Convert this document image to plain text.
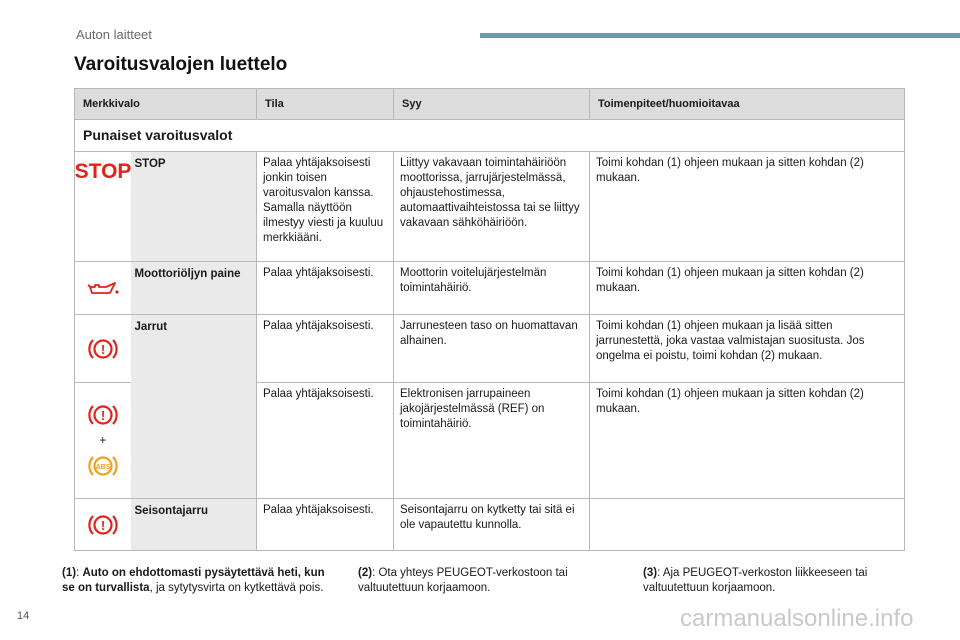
Auton laitteet
Varoitusvalojen luettelo
Merkkivalo		Tila	Syy	Toimenpiteet/huomioitavaa
Punaiset varoitusvalot				

STOP	STOP	Palaa yhtäjaksoisesti jonkin toisen varoitusvalon kanssa. Samalla näyttöön ilmestyy viesti ja kuuluu merkkiääni.	Liittyy vakavaan toimintahäiriöön moottorissa, jarrujärjestelmässä, ohjaustehostimessa, automaattivaihteistossa tai se liittyy vakavaan sähköhäiriöön.	Toimi kohdan (1) ohjeen mukaan ja sitten kohdan (2) mukaan.

	Moottoriöljyn paine	Palaa yhtäjaksoisesti.	Moottorin voitelujärjestelmän toimintahäiriö.	Toimi kohdan (1) ohjeen mukaan ja sitten kohdan (2) mukaan.

!	Jarrut	Palaa yhtäjaksoisesti.	Jarrunesteen taso on huomattavan alhainen.	Toimi kohdan (1) ohjeen mukaan ja lisää sitten jarrunestettä, joka vastaa valmistajan suositusta. Jos ongelma ei poistu, toimi kohdan (2) mukaan.

!
+
ABS		Palaa yhtäjaksoisesti.	Elektronisen jarrupaineen jakojärjestelmässä (REF) on toimintahäiriö.	Toimi kohdan (1) ohjeen mukaan ja sitten kohdan (2) mukaan.

!	Seisontajarru	Palaa yhtäjaksoisesti.	Seisontajarru on kytketty tai sitä ei ole vapautettu kunnolla.	
(1): Auto on ehdottomasti pysäytettävä heti, kun se on turvallista, ja sytytysvirta on kytkettävä pois.
(2): Ota yhteys PEUGEOT-verkostoon tai valtuutettuun korjaamoon.
(3): Aja PEUGEOT-verkoston liikkeeseen tai valtuutettuun korjaamoon.
14	carmanualsonline.info
